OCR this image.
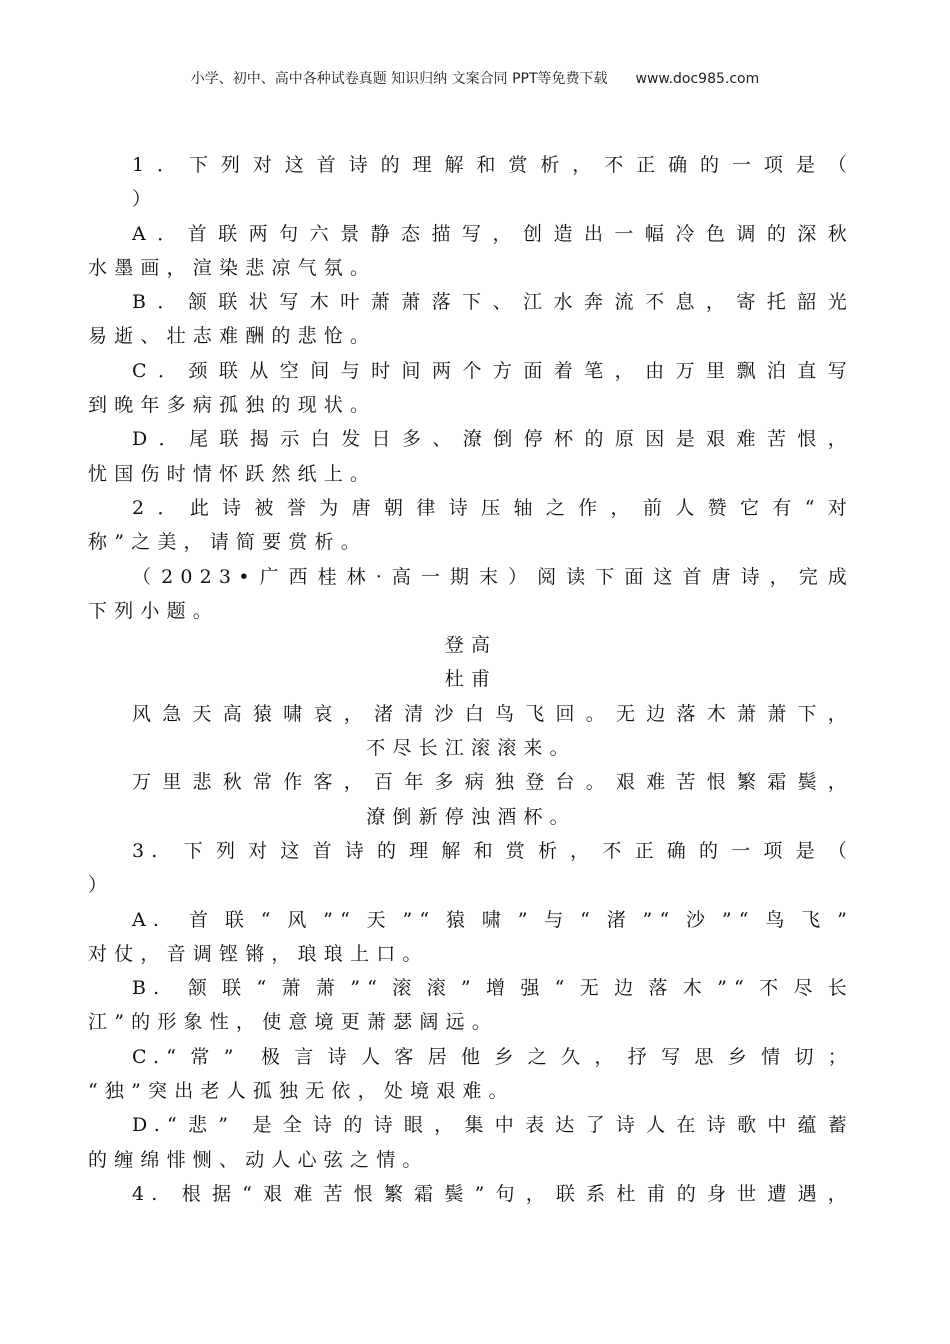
小学、初中、高中各种试卷真题 知识归纳 文案合同 PPT等免费下载 www.doc985.com
1．下列对这首诗的理解和赏析，不正确的一项是（
）
A．首联两句六景静态描写，创造出一幅冷色调的深秋
水墨画，渲染悲凉气氛。
B．颔联状写木叶萧萧落下、江水奔流不息，寄托韶光
易逝、壮志难酬的悲怆。
C．颈联从空间与时间两个方面着笔，由万里飘泊直写
到晚年多病孤独的现状。
D．尾联揭示白发日多、潦倒停杯的原因是艰难苦恨，
忧国伤时情怀跃然纸上。
2．此诗被誉为唐朝律诗压轴之作，前人赞它有“对
称”之美，请简要赏析。
（2023•广西桂林·高一期末）阅读下面这首唐诗，完成
下列小题。
登高
杜甫
风急天高猿啸哀，渚清沙白鸟飞回。无边落木萧萧下，
不尽长江滚滚来。
万里悲秋常作客，百年多病独登台。艰难苦恨繁霜鬓，
潦倒新停浊酒杯。
3. 下列对这首诗的理解和赏析，不正确的一项是（
）
A. 首联“风”“天”“猿啸”与“渚”“沙”“鸟飞”
对仗，音调铿锵，琅琅上口。
B. 颔联“萧萧”“滚滚”增强“无边落木”“不尽长
江”的形象性，使意境更萧瑟阔远。
C.“常” 极言诗人客居他乡之久，抒写思乡情切；
“独”突出老人孤独无依，处境艰难。
D.“悲” 是全诗的诗眼，集中表达了诗人在诗歌中蕴蓄
的缠绵悱恻、动人心弦之情。
4. 根据“艰难苦恨繁霜鬓”句，联系杜甫的身世遭遇，
